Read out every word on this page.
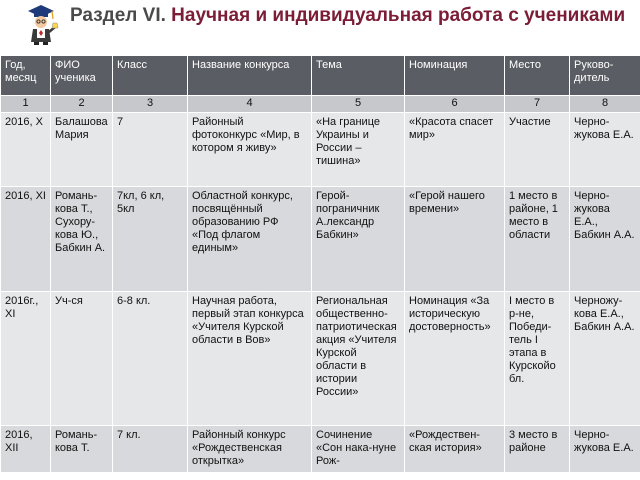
Раздел VI. Научная и индивидуальная работа с учениками
Год, месяц	ФИО ученика	Класс	Название конкурса	Тема	Номинация	Место	Руково-дитель
1	2	3	4	5	6	7	8
2016, X	Балашова Мария	7	Районный фотоконкурс «Мир, в котором я живу»	«На границе Украины и России – тишина»	«Красота спасет мир»	Участие	Черно-жукова Е.А.
2016, XI	Романь-кова Т., Сухору-кова Ю., Бабкин А.	7кл, 6 кл, 5кл	Областной конкурс, посвящённый образованию РФ «Под флагом единым»	Герой-пограничник А.лександр Бабкин»	«Герой нашего времени»	1 место в районе, 1 место в области	Черно-жукова Е.А., Бабкин А.А.
2016г., XI	Уч-ся	6-8 кл.	Научная работа, первый этап конкурса «Учителя Курской области в Вов»	Региональная общественно-патриотическая акция «Учителя Курской области в истории России»	Номинация «За историческую достоверность»	I место в р-не, Победи-тель I этапа в Курскойо бл.	Черножу-кова Е.А., Бабкин А.А.
2016, XII	Романь-кова Т.	7 кл.	Районный конкурс «Рождественская открытка»	Сочинение «Сон нака-нуне Рож-	«Рождествен-ская история»	3 место в районе	Черно-жукова Е.А.
